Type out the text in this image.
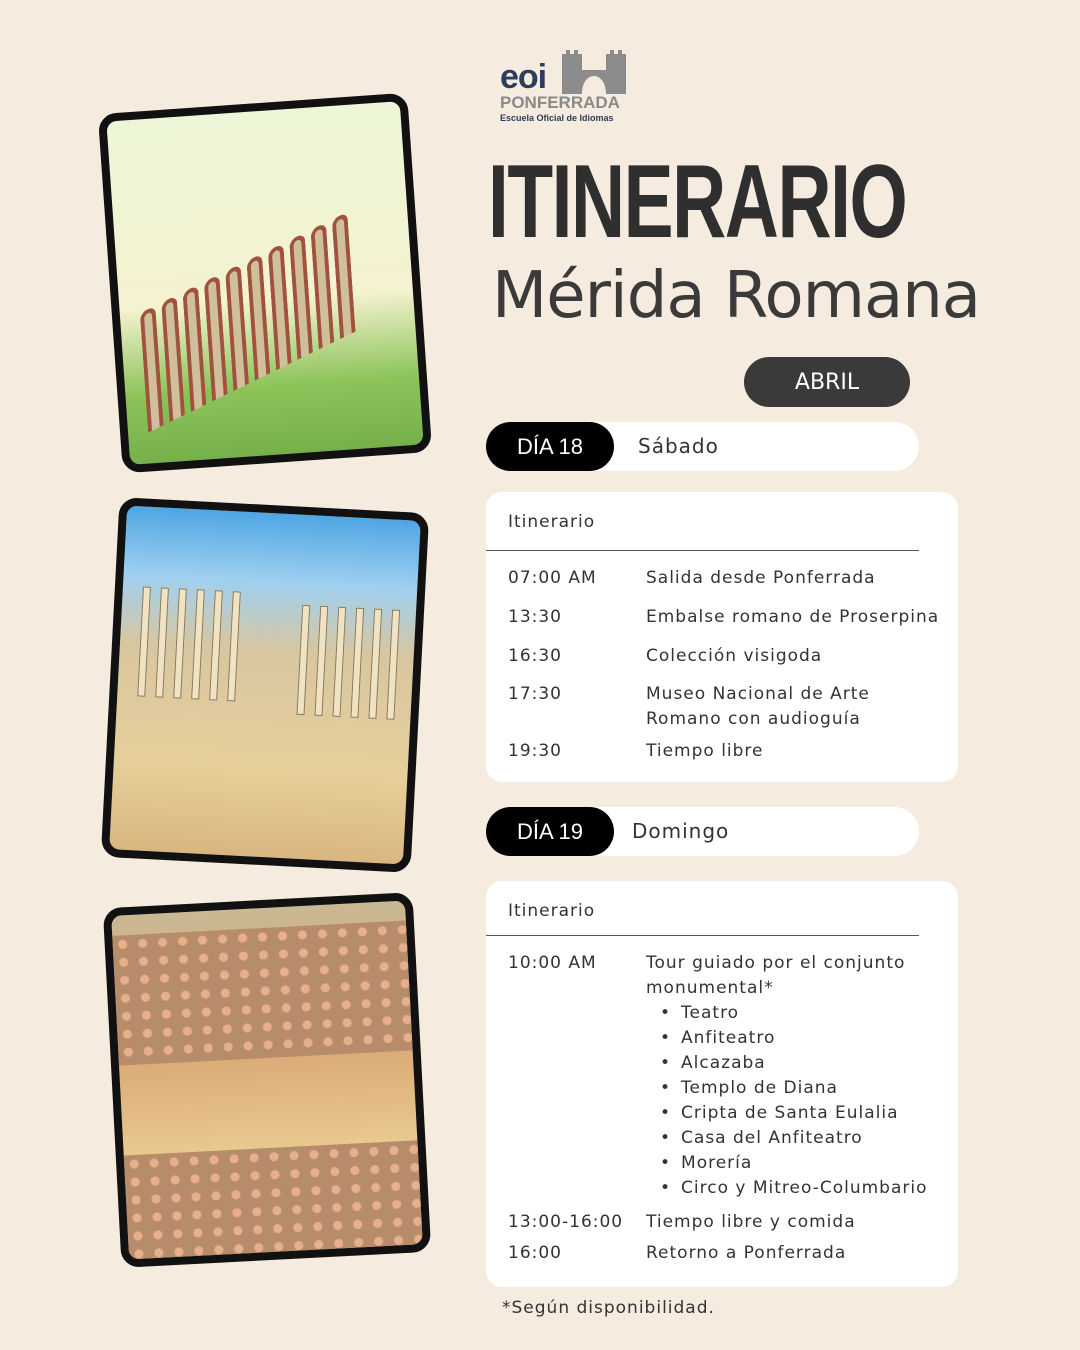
eoi
PONFERRADA
Escuela Oficial de Idiomas
ITINERARIO
Mérida Romana
ABRIL
DÍA 18	Sábado
Itinerario
07:00 AM	Salida desde Ponferrada
13:30	Embalse romano de Proserpina
16:30	Colección visigoda
17:30	Museo Nacional de Arte
Romano con audioguía
19:30	Tiempo libre
DÍA 19	Domingo
Itinerario
10:00 AM	Tour guiado por el conjunto
monumental*
• Teatro
• Anfiteatro
• Alcazaba
• Templo de Diana
• Cripta de Santa Eulalia
• Casa del Anfiteatro
• Morería
• Circo y Mitreo-Columbario
13:00-16:00 Tiempo libre y comida
16:00	Retorno a Ponferrada
*Según disponibilidad.
